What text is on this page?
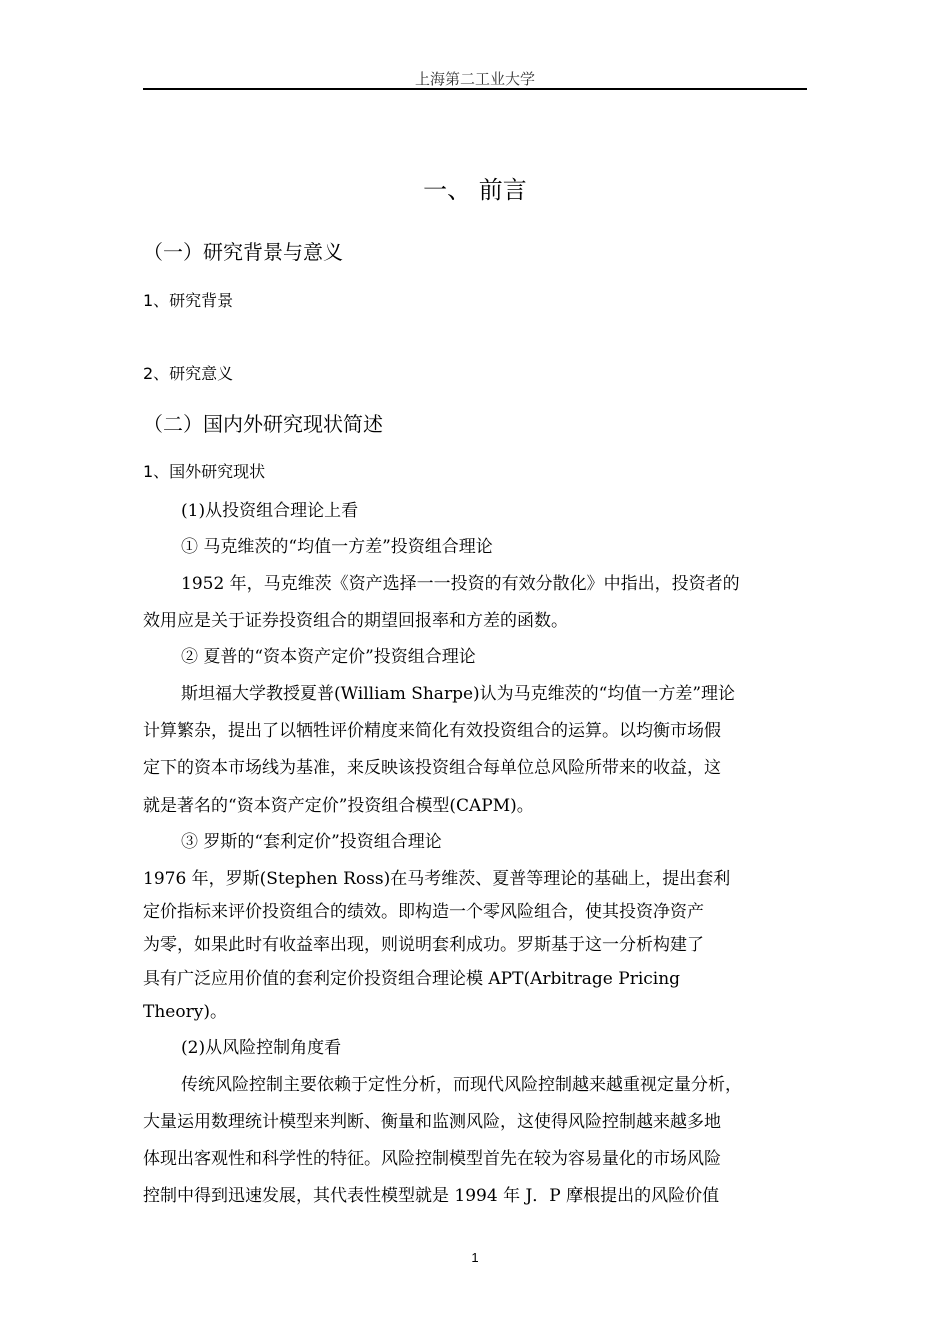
上海第二工业大学
一、 前言
（一）研究背景与意义
1、研究背景
2、研究意义
（二）国内外研究现状简述
1、国外研究现状
(1)从投资组合理论上看
① 马克维茨的“均值一方差”投资组合理论
1952 年，马克维茨《资产选择一一投资的有效分散化》中指出，投资者的
效用应是关于证券投资组合的期望回报率和方差的函数。
② 夏普的“资本资产定价”投资组合理论
斯坦福大学教授夏普(William Sharpe)认为马克维茨的“均值一方差”理论
计算繁杂，提出了以牺牲评价精度来简化有效投资组合的运算。以均衡市场假
定下的资本市场线为基准，来反映该投资组合每单位总风险所带来的收益，这
就是著名的“资本资产定价”投资组合模型(CAPM)。
③ 罗斯的“套利定价”投资组合理论
1976 年，罗斯(Stephen Ross)在马考维茨、夏普等理论的基础上，提出套利
定价指标来评价投资组合的绩效。即构造一个零风险组合，使其投资净资产
为零，如果此时有收益率出现，则说明套利成功。罗斯基于这一分析构建了
具有广泛应用价值的套利定价投资组合理论模 APT(Arbitrage Pricing
Theory)。
(2)从风险控制角度看
传统风险控制主要依赖于定性分析，而现代风险控制越来越重视定量分析，
大量运用数理统计模型来判断、衡量和监测风险，这使得风险控制越来越多地
体现出客观性和科学性的特征。风险控制模型首先在较为容易量化的市场风险
控制中得到迅速发展，其代表性模型就是 1994 年 J．P 摩根提出的风险价值
1
